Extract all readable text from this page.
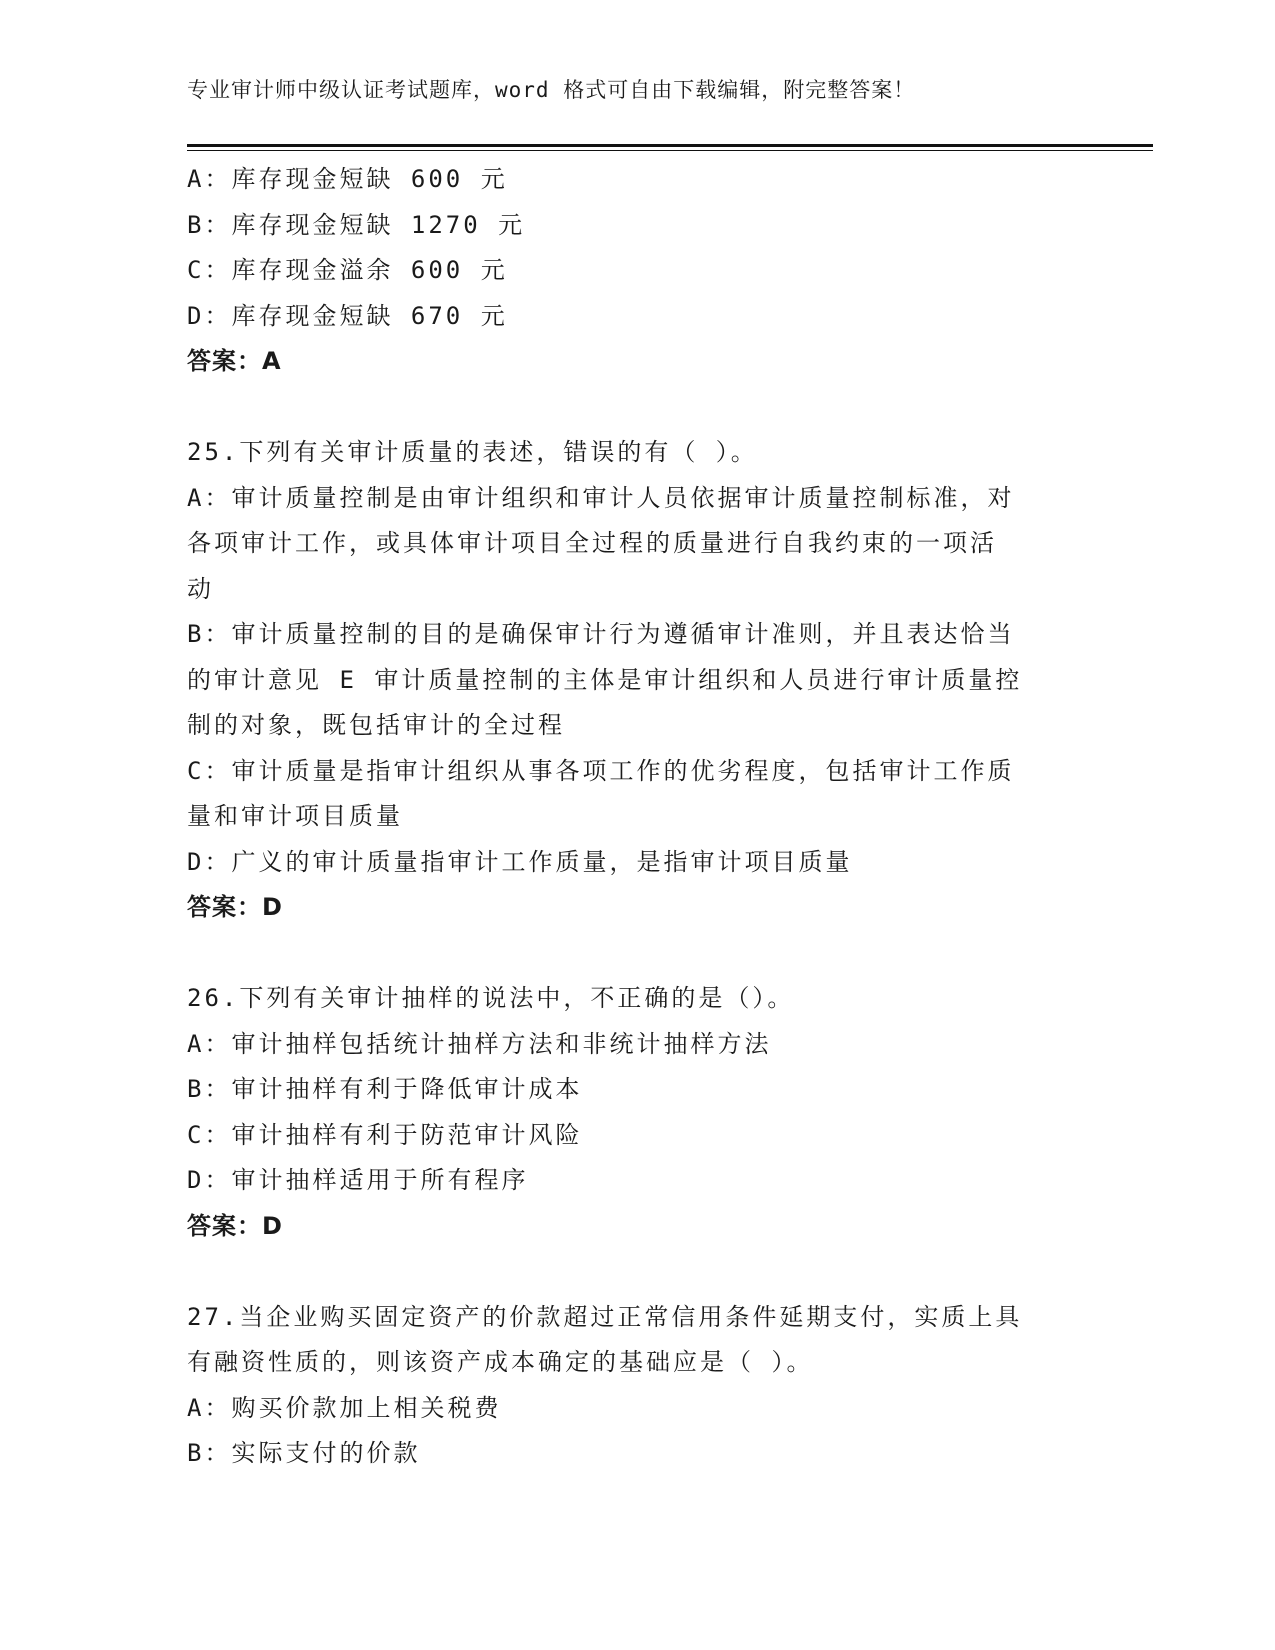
专业审计师中级认证考试题库，word 格式可自由下载编辑，附完整答案！
A：库存现金短缺 600 元
B：库存现金短缺 1270 元
C：库存现金溢余 600 元
D：库存现金短缺 670 元
答案：A
25.下列有关审计质量的表述，错误的有（ ）。
A：审计质量控制是由审计组织和审计人员依据审计质量控制标准，对
各项审计工作，或具体审计项目全过程的质量进行自我约束的一项活
动
B：审计质量控制的目的是确保审计行为遵循审计准则，并且表达恰当
的审计意见 E 审计质量控制的主体是审计组织和人员进行审计质量控
制的对象，既包括审计的全过程
C：审计质量是指审计组织从事各项工作的优劣程度，包括审计工作质
量和审计项目质量
D：广义的审计质量指审计工作质量，是指审计项目质量
答案：D
26.下列有关审计抽样的说法中，不正确的是（）。
A：审计抽样包括统计抽样方法和非统计抽样方法
B：审计抽样有利于降低审计成本
C：审计抽样有利于防范审计风险
D：审计抽样适用于所有程序
答案：D
27.当企业购买固定资产的价款超过正常信用条件延期支付，实质上具
有融资性质的，则该资产成本确定的基础应是（ ）。
A：购买价款加上相关税费
B：实际支付的价款
